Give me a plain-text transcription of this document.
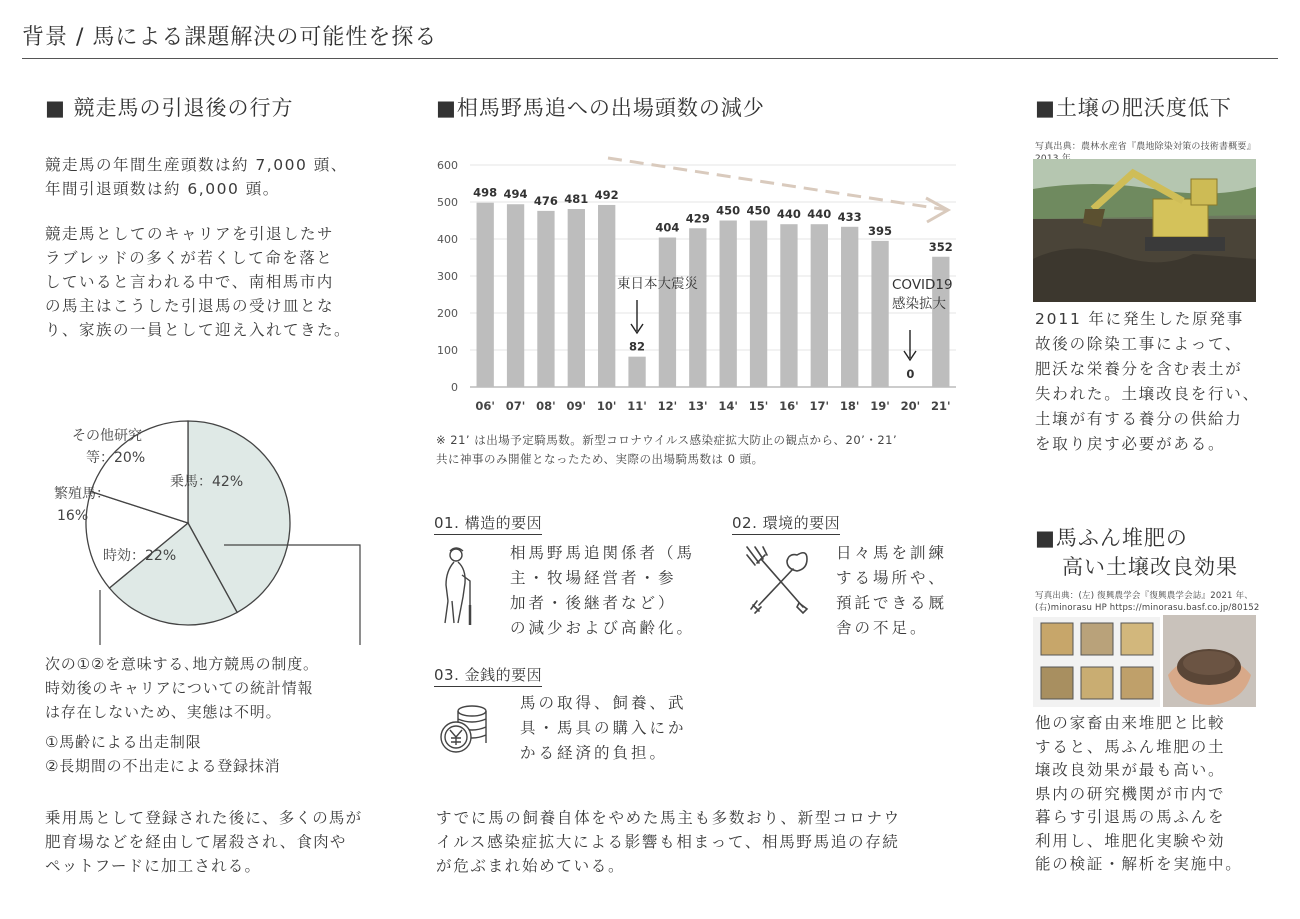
背景 / 馬による課題解決の可能性を探る
■ 競走馬の引退後の行方

競走馬の年間生産頭数は約 7,000 頭、
年間引退頭数は約 6,000 頭。

競走馬としてのキャリアを引退したサ
ラブレッドの多くが若くして命を落と
していると言われる中で、南相馬市内
の馬主はこうした引退馬の受け皿とな
り、家族の一員として迎え入れてきた。

乗馬：42%
時効：22%
繁殖馬：
16%
その他研究
等：20%

次の①②を意味する､地方競馬の制度｡

時効後のキャリアについての統計情報

は存在しないため、実態は不明。

①馬齢による出走制限

②長期間の不出走による登録抹消

乗用馬として登録された後に、多くの馬が
肥育場などを経由して屠殺され、食肉や
ペットフードに加工される。

■相馬野馬追への出場頭数の減少
498 494 476 481 492
82
404
429
450 450 440 440 433
395
0
352
06' 07' 08' 09' 10' 11' 12' 13' 14' 15' 16' 17' 18' 19' 20' 21'
0
100
200
300
400
500
600
東日本大震災	COVID19
感染拡大
※ 21’ は出場予定騎馬数。新型コロナウイルス感染症拡大防止の観点から、20’・21’
共に神事のみ開催となったため、実際の出場騎馬数は 0 頭。
01. 構造的要因
相馬野馬追関係者（馬
主・牧場経営者・参
加者・後継者など）
の減少および高齢化。
02. 環境的要因
日々馬を訓練
する場所や、
預託できる厩
舎の不足。
03. 金銭的要因
馬の取得、飼養、武
具・馬具の購入にか
かる経済的負担。

すでに馬の飼養自体をやめた馬主も多数おり、新型コロナウ
イルス感染症拡大による影響も相まって、相馬野馬追の存続
が危ぶまれ始めている。

■土壌の肥沃度低下
写真出典：農林水産省『農地除染対策の技術書概要』
2011 年に発生した原発事
故後の除染工事によって、
肥沃な栄養分を含む表土が
失われた。土壌改良を行い、
土壌が有する養分の供給力
を取り戻す必要がある。
■馬ふん堆肥の
高い土壌改良効果
写真出典：(左) 復興農学会『復興農学会誌』2021 年、
(右)minorasu HP https://minorasu.basf.co.jp/80152
他の家畜由来堆肥と比較
すると、馬ふん堆肥の土
壌改良効果が最も高い。
県内の研究機関が市内で
暮らす引退馬の馬ふんを
利用し、堆肥化実験や効
能の検証・解析を実施中。
